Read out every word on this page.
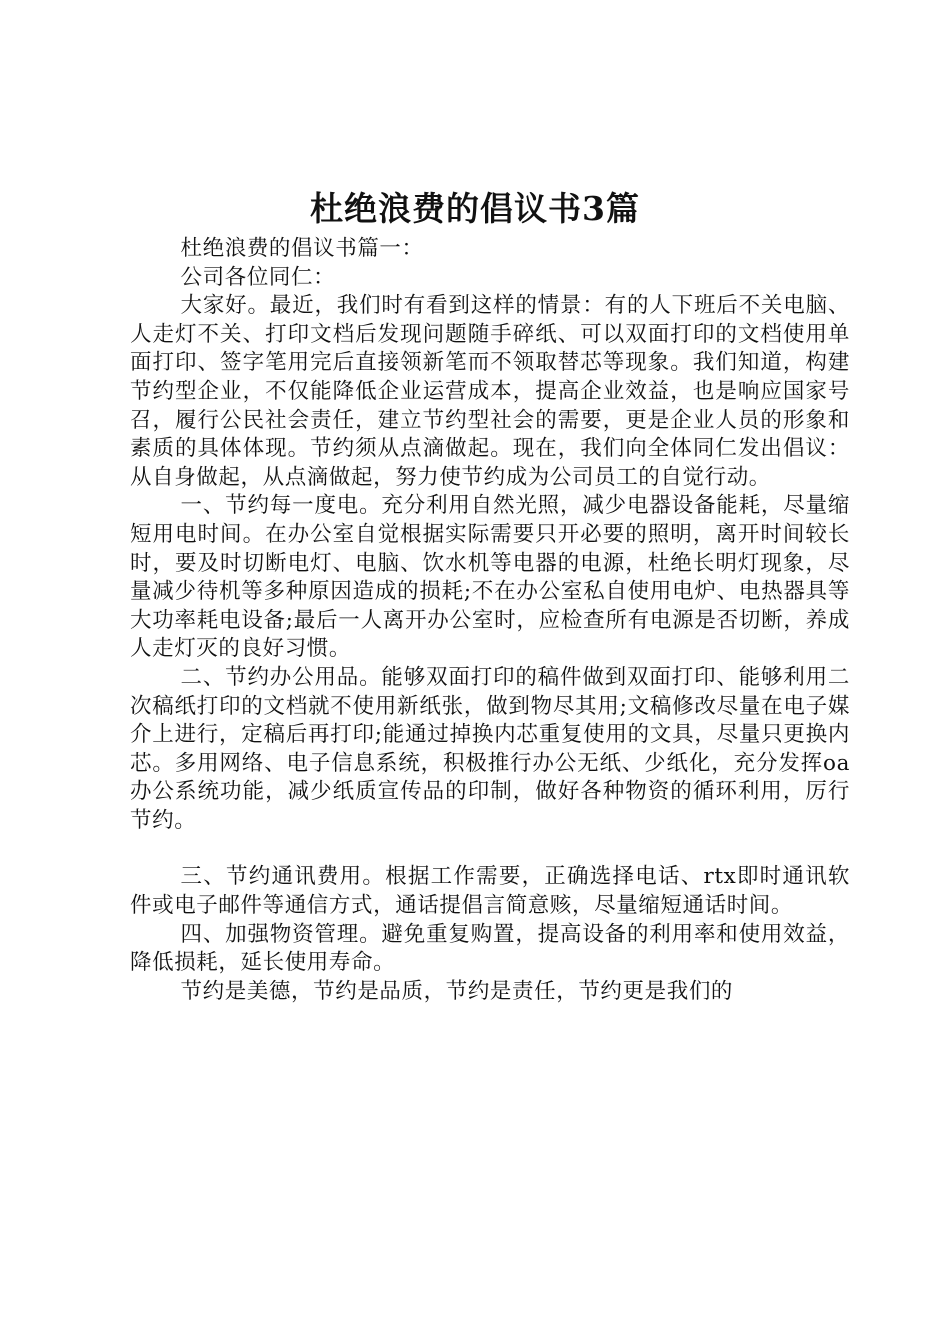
杜绝浪费的倡议书3篇

杜绝浪费的倡议书篇一：

公司各位同仁：

大家好。最近，我们时有看到这样的情景：有的人下班后不关电脑、人走灯不关、打印文档后发现问题随手碎纸、可以双面打印的文档使用单面打印、签字笔用完后直接领新笔而不领取替芯等现象。我们知道，构建节约型企业，不仅能降低企业运营成本，提高企业效益，也是响应国家号召，履行公民社会责任，建立节约型社会的需要，更是企业人员的形象和素质的具体体现。节约须从点滴做起。现在，我们向全体同仁发出倡议：从自身做起，从点滴做起，努力使节约成为公司员工的自觉行动。

一、节约每一度电。充分利用自然光照，减少电器设备能耗，尽量缩短用电时间。在办公室自觉根据实际需要只开必要的照明，离开时间较长时，要及时切断电灯、电脑、饮水机等电器的电源，杜绝长明灯现象，尽量减少待机等多种原因造成的损耗;不在办公室私自使用电炉、电热器具等大功率耗电设备;最后一人离开办公室时，应检查所有电源是否切断，养成人走灯灭的良好习惯。

二、节约办公用品。能够双面打印的稿件做到双面打印、能够利用二次稿纸打印的文档就不使用新纸张，做到物尽其用;文稿修改尽量在电子媒介上进行，定稿后再打印;能通过掉换内芯重复使用的文具，尽量只更换内芯。多用网络、电子信息系统，积极推行办公无纸、少纸化，充分发挥oa办公系统功能，减少纸质宣传品的印制，做好各种物资的循环利用，厉行节约。

三、节约通讯费用。根据工作需要，正确选择电话、rtx即时通讯软件或电子邮件等通信方式，通话提倡言简意赅，尽量缩短通话时间。

四、加强物资管理。避免重复购置，提高设备的利用率和使用效益，降低损耗，延长使用寿命。

节约是美德，节约是品质，节约是责任，节约更是我们的
